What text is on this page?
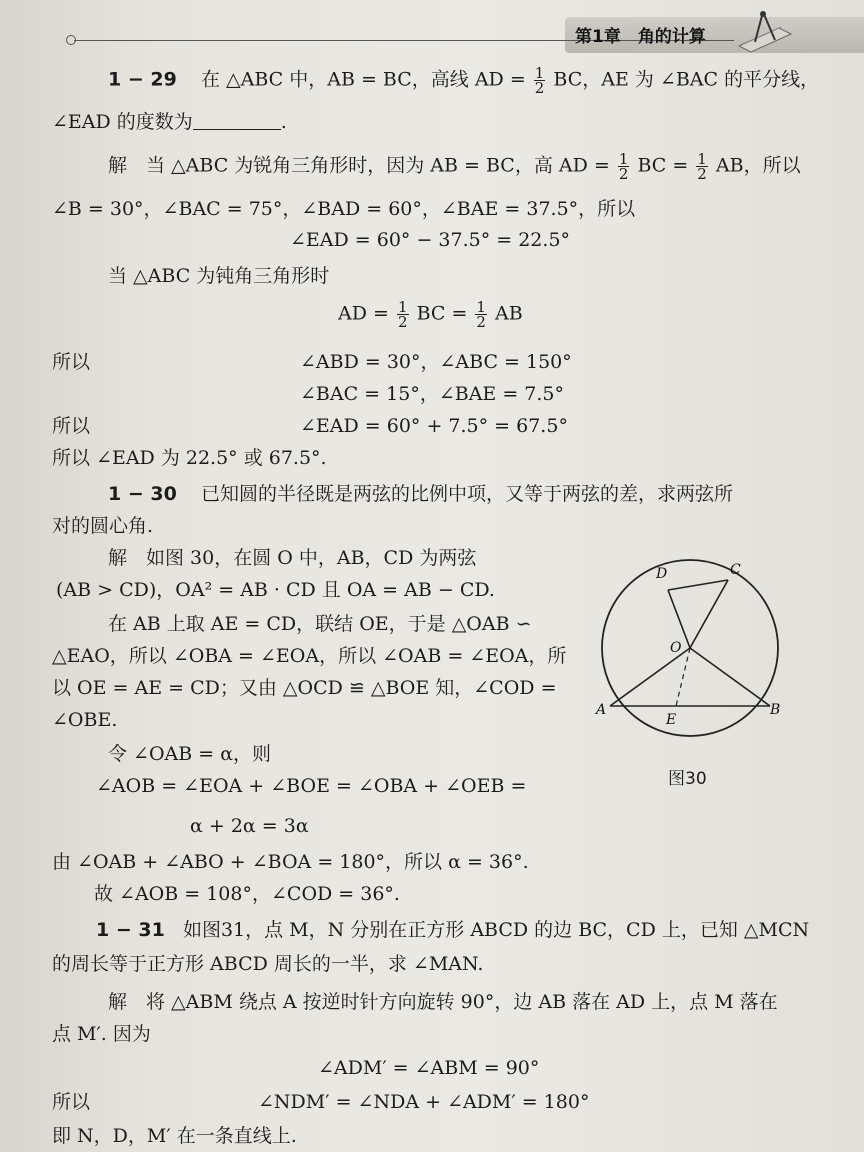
第1章　角的计算
1 − 29 在 △ABC 中，AB = BC，高线 AD = $\frac{1}{2}$ BC，AE 为 ∠BAC 的平分线，
∠EAD 的度数为	.
解　当 △ABC 为锐角三角形时，因为 AB = BC，高 AD = $\frac{1}{2}$ BC = $\frac{1}{2}$ AB，所以
∠B = 30°，∠BAC = 75°，∠BAD = 60°，∠BAE = 37.5°，所以
∠EAD = 60° − 37.5° = 22.5°
当 △ABC 为钝角三角形时
AD = $\frac{1}{2}$ BC = $\frac{1}{2}$ AB
所以	∠ABD = 30°，∠ABC = 150°
∠BAC = 15°，∠BAE = 7.5°
所以	∠EAD = 60° + 7.5° = 67.5°
所以 ∠EAD 为 22.5° 或 67.5°.
1 − 30 已知圆的半径既是两弦的比例中项，又等于两弦的差，求两弦所
对的圆心角.
解　如图 30，在圆 O 中，AB，CD 为两弦
(AB > CD)，OA² = AB · CD 且 OA = AB − CD.
在 AB 上取 AE = CD，联结 OE，于是 △OAB ∽
△EAO，所以 ∠OBA = ∠EOA，所以 ∠OAB = ∠EOA，所
以 OE = AE = CD；又由 △OCD ≌ △BOE 知，∠COD =
∠OBE.
令 ∠OAB = α，则
∠AOB = ∠EOA + ∠BOE = ∠OBA + ∠OEB =
α + 2α = 3α
由 ∠OAB + ∠ABO + ∠BOA = 180°，所以 α = 36°.
故 ∠AOB = 108°，∠COD = 36°.
D	C
O
A
E
B
图30
1 − 31 如图31，点 M，N 分别在正方形 ABCD 的边 BC，CD 上，已知 △MCN
的周长等于正方形 ABCD 周长的一半，求 ∠MAN.
解　将 △ABM 绕点 A 按逆时针方向旋转 90°，边 AB 落在 AD 上，点 M 落在
点 M′. 因为
∠ADM′ = ∠ABM = 90°
所以	∠NDM′ = ∠NDA + ∠ADM′ = 180°
即 N，D，M′ 在一条直线上.
